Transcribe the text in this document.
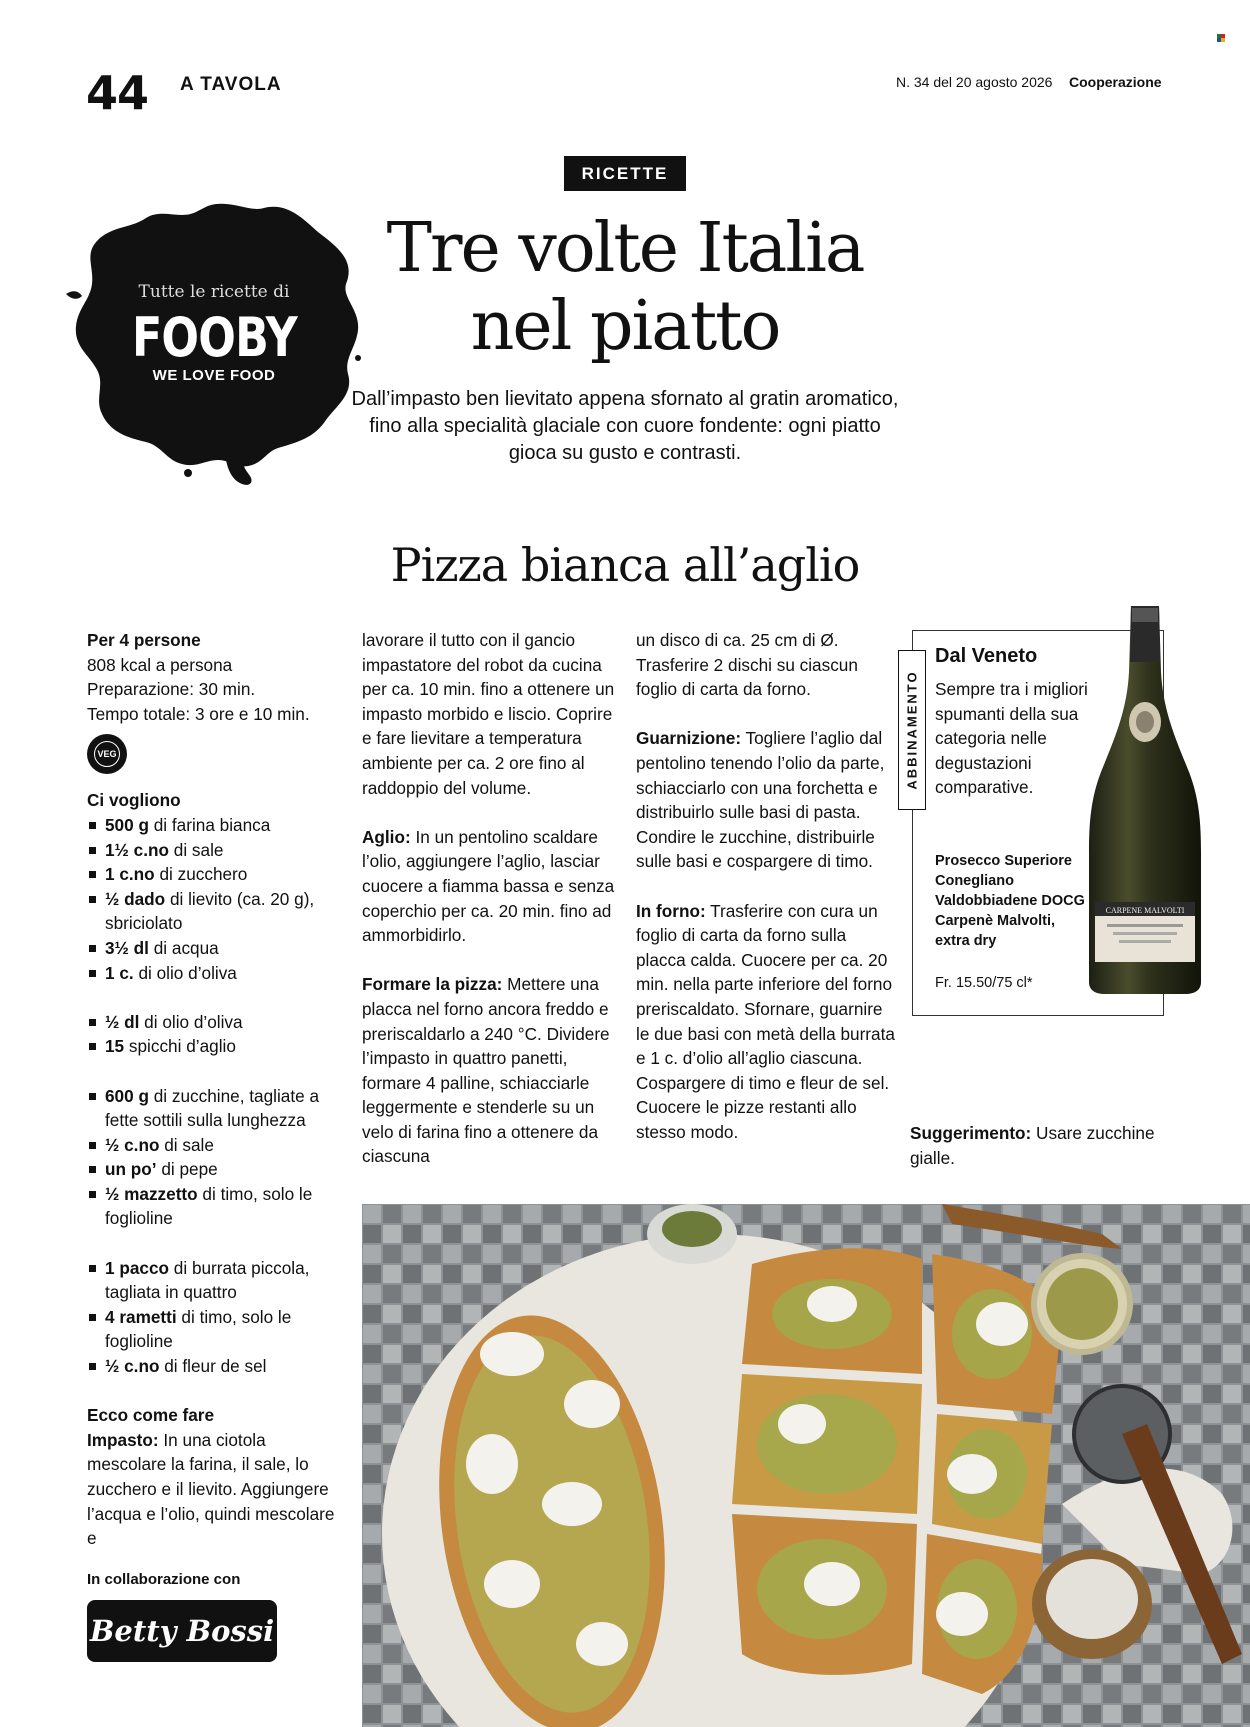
44 A TAVOLA	N. 34 del 20 agosto 2026 Cooperazione
RICETTE
Tre volte Italia
nel piatto
Dall’impasto ben lievitato appena sfornato al gratin aromatico, fino alla specialità glaciale con cuore fondente: ogni piatto gioca su gusto e contrasti.
Tutte le ricette di
FOOBY
WE LOVE FOOD
Pizza bianca all’aglio
Per 4 persone
808 kcal a persona
Preparazione: 30 min.
Tempo totale: 3 ore e 10 min.
VEG
Ci vogliono
500 g di farina bianca
1½ c.no di sale
1 c.no di zucchero
½ dado di lievito (ca. 20 g), sbriciolato
3½ dl di acqua
1 c. di olio d’oliva
½ dl di olio d’oliva
15 spicchi d’aglio
600 g di zucchine, tagliate a fette sottili sulla lunghezza
½ c.no di sale
un po’ di pepe
½ mazzetto di timo, solo le foglioline
1 pacco di burrata piccola, tagliata in quattro
4 rametti di timo, solo le foglioline
½ c.no di fleur de sel
Ecco come fare
Impasto: In una ciotola mescolare la farina, il sale, lo zucchero e il lievito. Aggiungere l’acqua e l’olio, quindi mescolare e
In collaborazione con
Betty Bossi

lavorare il tutto con il gancio impastatore del robot da cucina per ca. 10 min. fino a ottenere un impasto morbido e liscio. Coprire e fare lievitare a temperatura ambiente per ca. 2 ore fino al raddoppio del volume.

Aglio: In un pentolino scaldare l’olio, aggiungere l’aglio, lasciar cuocere a fiamma bassa e senza coperchio per ca. 20 min. fino ad ammorbidirlo.

Formare la pizza: Mettere una placca nel forno ancora freddo e preriscaldarlo a 240 °C. Dividere l’impasto in quattro panetti, formare 4 palline, schiacciarle leggermente e stenderle su un velo di farina fino a ottenere da ciascuna

un disco di ca. 25 cm di Ø. Trasferire 2 dischi su ciascun foglio di carta da forno.

Guarnizione: Togliere l’aglio dal pentolino tenendo l’olio da parte, schiacciarlo con una forchetta e distribuirlo sulle basi di pasta. Condire le zucchine, distribuirle sulle basi e cospargere di timo.

In forno: Trasferire con cura un foglio di carta da forno sulla placca calda. Cuocere per ca. 20 min. nella parte inferiore del forno preriscaldato. Sfornare, guarnire le due basi con metà della burrata e 1 c. d’olio all’aglio ciascuna. Cospargere di timo e fleur de sel. Cuocere le pizze restanti allo stesso modo.

ABBINAMENTO
Dal Veneto
Sempre tra i migliori spumanti della sua categoria nelle degustazioni comparative.
Prosecco Superiore Conegliano Valdobbiadene DOCG Carpenè Malvolti, extra dry
Fr. 15.50/75 cl*
CARPENE MALVOLTI
Suggerimento: Usare zucchine gialle.
